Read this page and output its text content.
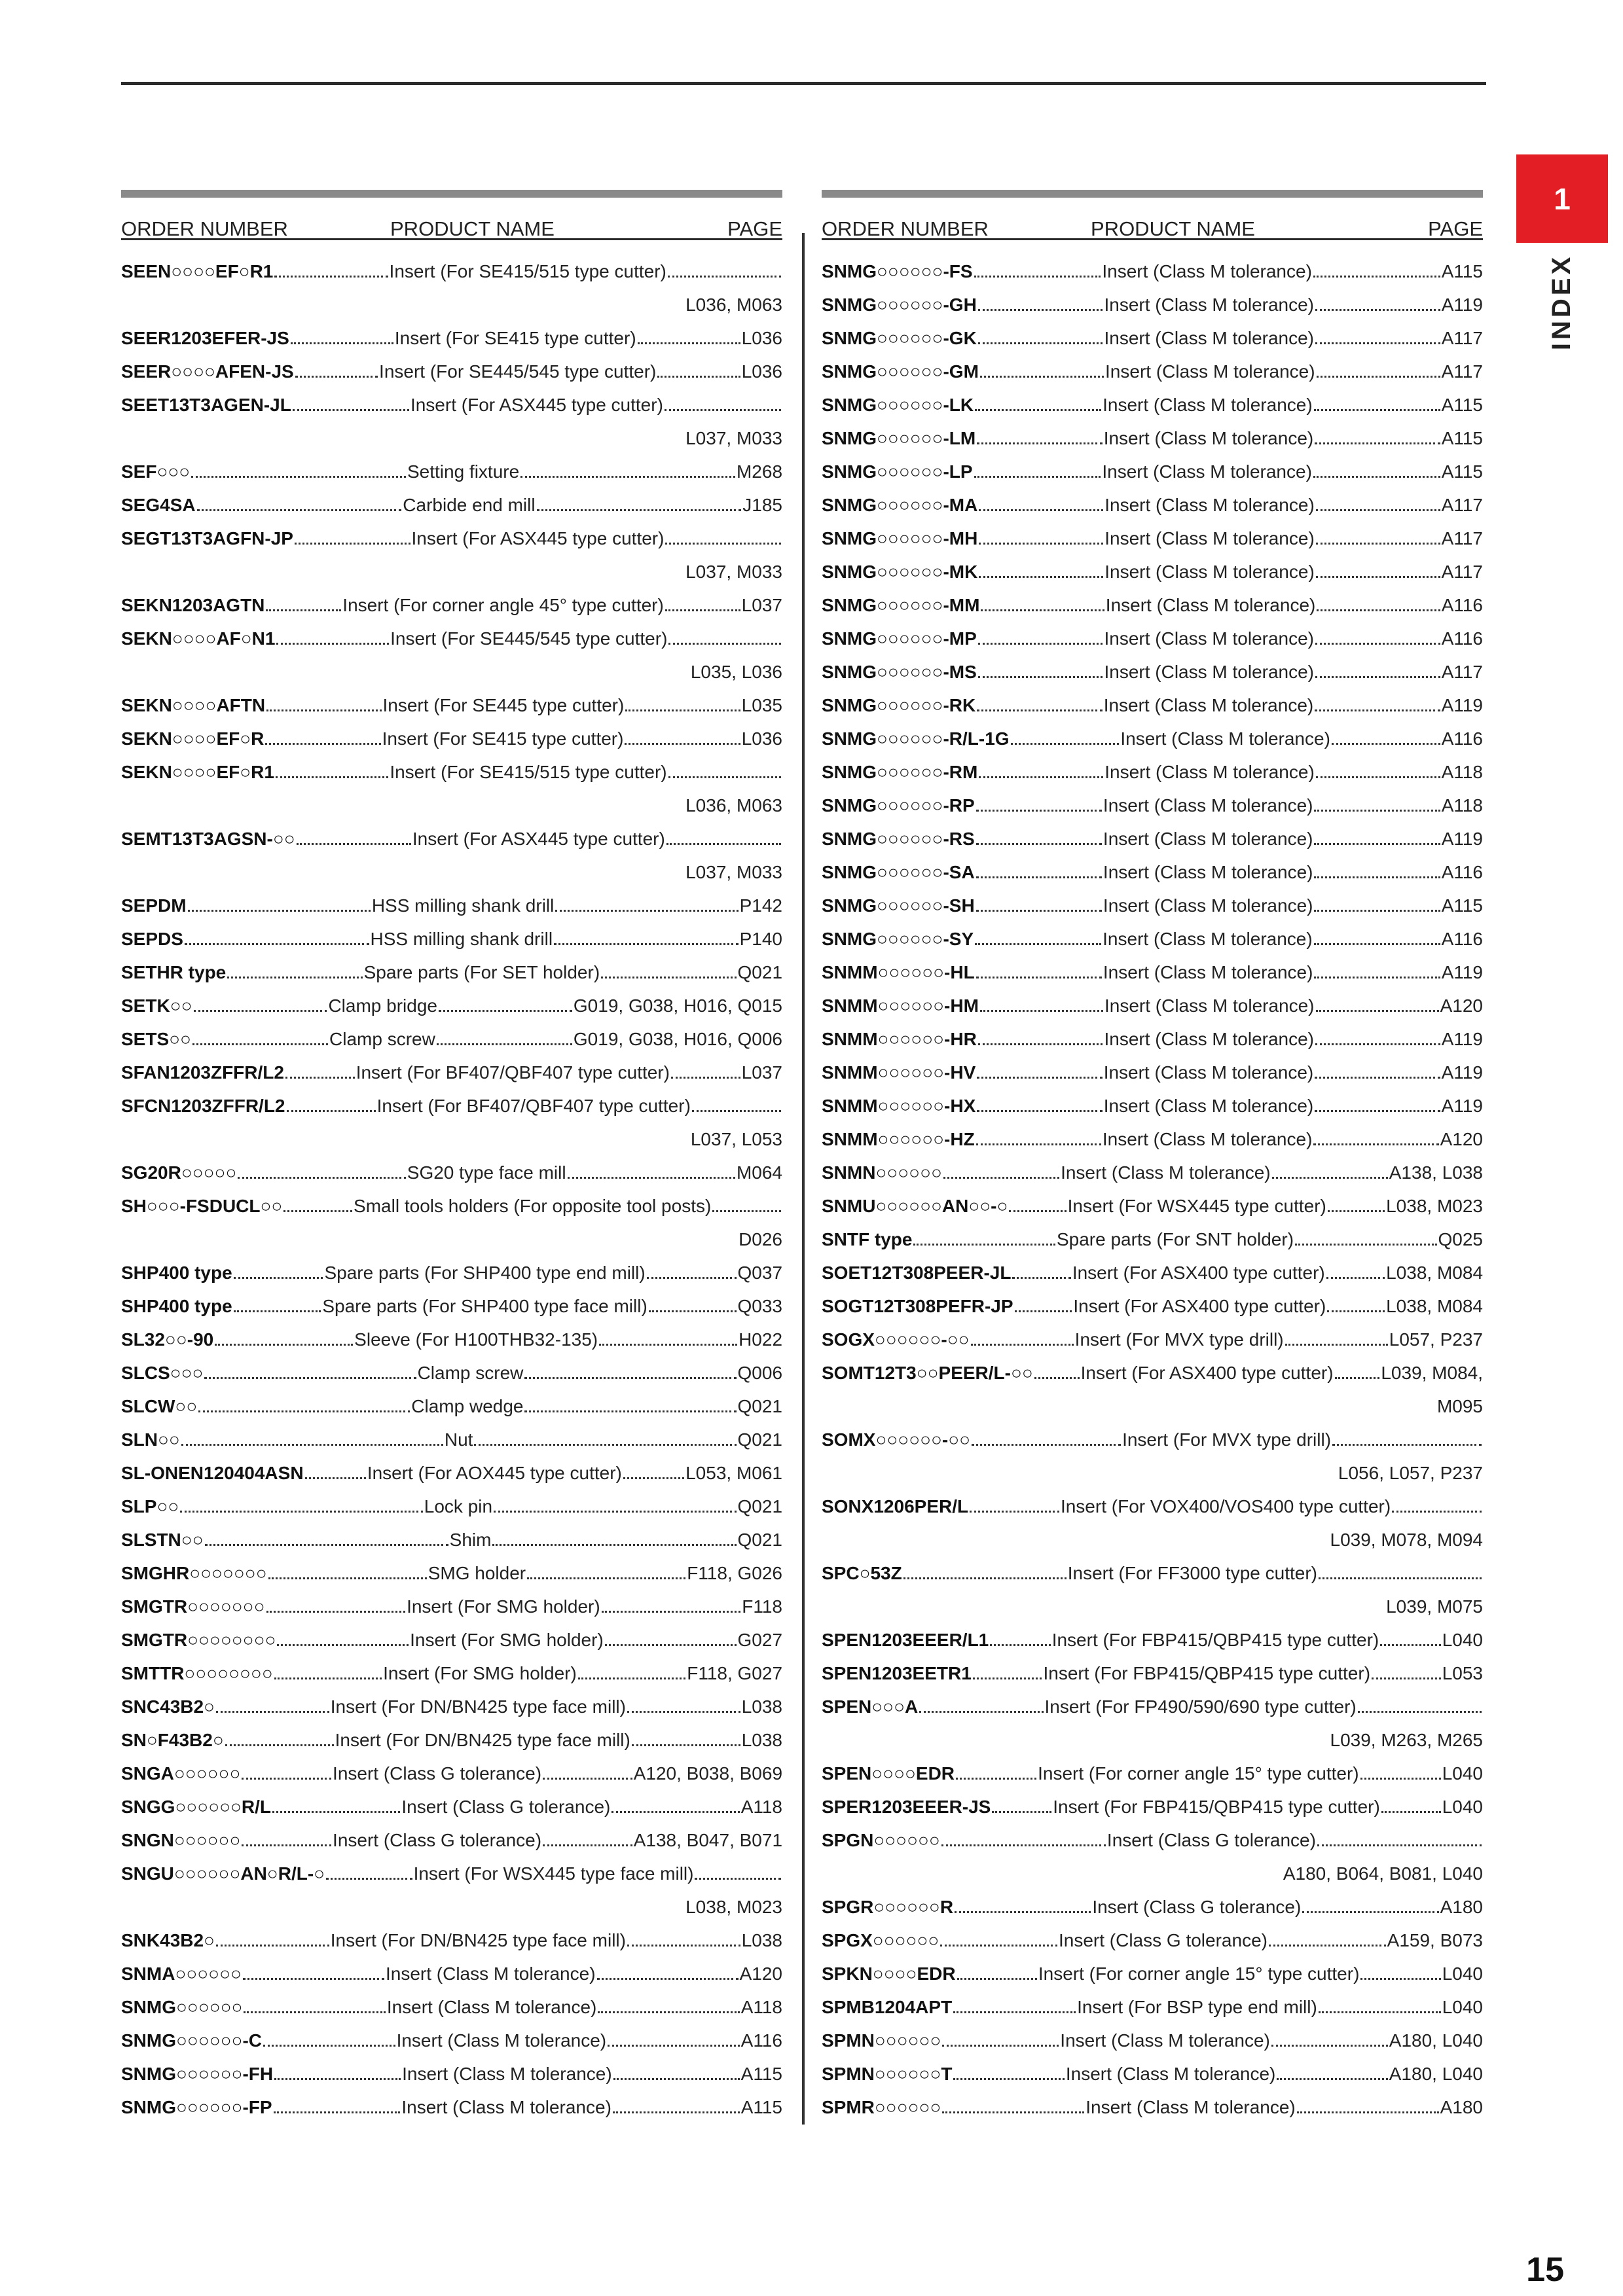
1
INDEX
ORDER NUMBER	PRODUCT NAME	PAGE
SEEN○○○○EF○R1	Insert (For SE415/515 type cutter)
L036, M063
SEER1203EFER-JS	Insert (For SE415 type cutter)	L036
SEER○○○○AFEN-JS	Insert (For SE445/545 type cutter)	L036
SEET13T3AGEN-JL	Insert (For ASX445 type cutter)
L037, M033
SEF○○○	Setting fixture	M268
SEG4SA	Carbide end mill	J185
SEGT13T3AGFN-JP	Insert (For ASX445 type cutter)
L037, M033
SEKN1203AGTN	Insert (For corner angle 45° type cutter)	L037
SEKN○○○○AF○N1	Insert (For SE445/545 type cutter)
L035, L036
SEKN○○○○AFTN	Insert (For SE445 type cutter)	L035
SEKN○○○○EF○R	Insert (For SE415 type cutter)	L036
SEKN○○○○EF○R1	Insert (For SE415/515 type cutter)
L036, M063
SEMT13T3AGSN-○○	Insert (For ASX445 type cutter)
L037, M033
SEPDM	HSS milling shank drill	P142
SEPDS	HSS milling shank drill	P140
SETHR type	Spare parts (For SET holder)	Q021
SETK○○	Clamp bridge	G019, G038, H016, Q015
SETS○○	Clamp screw	G019, G038, H016, Q006
SFAN1203ZFFR/L2	Insert (For BF407/QBF407 type cutter)	L037
SFCN1203ZFFR/L2	Insert (For BF407/QBF407 type cutter)
L037, L053
SG20R○○○○○	SG20 type face mill	M064
SH○○○-FSDUCL○○	Small tools holders (For opposite tool posts)
D026
SHP400 type	Spare parts (For SHP400 type end mill)	Q037
SHP400 type	Spare parts (For SHP400 type face mill)	Q033
SL32○○-90	Sleeve (For H100THB32-135)	H022
SLCS○○○	Clamp screw	Q006
SLCW○○	Clamp wedge	Q021
SLN○○	Nut	Q021
SL-ONEN120404ASN	Insert (For AOX445 type cutter)	L053, M061
SLP○○	Lock pin	Q021
SLSTN○○	Shim	Q021
SMGHR○○○○○○○	SMG holder	F118, G026
SMGTR○○○○○○○	Insert (For SMG holder)	F118
SMGTR○○○○○○○○	Insert (For SMG holder)	G027
SMTTR○○○○○○○○	Insert (For SMG holder)	F118, G027
SNC43B2○	Insert (For DN/BN425 type face mill)	L038
SN○F43B2○	Insert (For DN/BN425 type face mill)	L038
SNGA○○○○○○	Insert (Class G tolerance)	A120, B038, B069
SNGG○○○○○○R/L	Insert (Class G tolerance)	A118
SNGN○○○○○○	Insert (Class G tolerance)	A138, B047, B071
SNGU○○○○○○AN○R/L-○	Insert (For WSX445 type face mill)
L038, M023
SNK43B2○	Insert (For DN/BN425 type face mill)	L038
SNMA○○○○○○	Insert (Class M tolerance)	A120
SNMG○○○○○○	Insert (Class M tolerance)	A118
SNMG○○○○○○-C	Insert (Class M tolerance)	A116
SNMG○○○○○○-FH	Insert (Class M tolerance)	A115
SNMG○○○○○○-FP	Insert (Class M tolerance)	A115
ORDER NUMBER	PRODUCT NAME	PAGE
SNMG○○○○○○-FS	Insert (Class M tolerance)	A115
SNMG○○○○○○-GH	Insert (Class M tolerance)	A119
SNMG○○○○○○-GK	Insert (Class M tolerance)	A117
SNMG○○○○○○-GM	Insert (Class M tolerance)	A117
SNMG○○○○○○-LK	Insert (Class M tolerance)	A115
SNMG○○○○○○-LM	Insert (Class M tolerance)	A115
SNMG○○○○○○-LP	Insert (Class M tolerance)	A115
SNMG○○○○○○-MA	Insert (Class M tolerance)	A117
SNMG○○○○○○-MH	Insert (Class M tolerance)	A117
SNMG○○○○○○-MK	Insert (Class M tolerance)	A117
SNMG○○○○○○-MM	Insert (Class M tolerance)	A116
SNMG○○○○○○-MP	Insert (Class M tolerance)	A116
SNMG○○○○○○-MS	Insert (Class M tolerance)	A117
SNMG○○○○○○-RK	Insert (Class M tolerance)	A119
SNMG○○○○○○-R/L-1G	Insert (Class M tolerance)	A116
SNMG○○○○○○-RM	Insert (Class M tolerance)	A118
SNMG○○○○○○-RP	Insert (Class M tolerance)	A118
SNMG○○○○○○-RS	Insert (Class M tolerance)	A119
SNMG○○○○○○-SA	Insert (Class M tolerance)	A116
SNMG○○○○○○-SH	Insert (Class M tolerance)	A115
SNMG○○○○○○-SY	Insert (Class M tolerance)	A116
SNMM○○○○○○-HL	Insert (Class M tolerance)	A119
SNMM○○○○○○-HM	Insert (Class M tolerance)	A120
SNMM○○○○○○-HR	Insert (Class M tolerance)	A119
SNMM○○○○○○-HV	Insert (Class M tolerance)	A119
SNMM○○○○○○-HX	Insert (Class M tolerance)	A119
SNMM○○○○○○-HZ	Insert (Class M tolerance)	A120
SNMN○○○○○○	Insert (Class M tolerance)	A138, L038
SNMU○○○○○○AN○○-○	Insert (For WSX445 type cutter)	L038, M023
SNTF type	Spare parts (For SNT holder)	Q025
SOET12T308PEER-JL	Insert (For ASX400 type cutter)	L038, M084
SOGT12T308PEFR-JP	Insert (For ASX400 type cutter)	L038, M084
SOGX○○○○○○-○○	Insert (For MVX type drill)	L057, P237
SOMT12T3○○PEER/L-○○	Insert (For ASX400 type cutter)	L039, M084,
M095
SOMX○○○○○○-○○	Insert (For MVX type drill)
L056, L057, P237
SONX1206PER/L	Insert (For VOX400/VOS400 type cutter)
L039, M078, M094
SPC○53Z	Insert (For FF3000 type cutter)
L039, M075
SPEN1203EEER/L1	Insert (For FBP415/QBP415 type cutter)	L040
SPEN1203EETR1	Insert (For FBP415/QBP415 type cutter)	L053
SPEN○○○A	Insert (For FP490/590/690 type cutter)
L039, M263, M265
SPEN○○○○EDR	Insert (For corner angle 15° type cutter)	L040
SPER1203EEER-JS	Insert (For FBP415/QBP415 type cutter)	L040
SPGN○○○○○○	Insert (Class G tolerance)
A180, B064, B081, L040
SPGR○○○○○○R	Insert (Class G tolerance)	A180
SPGX○○○○○○	Insert (Class G tolerance)	A159, B073
SPKN○○○○EDR	Insert (For corner angle 15° type cutter)	L040
SPMB1204APT	Insert (For BSP type end mill)	L040
SPMN○○○○○○	Insert (Class M tolerance)	A180, L040
SPMN○○○○○○T	Insert (Class M tolerance)	A180, L040
SPMR○○○○○○	Insert (Class M tolerance)	A180
15
